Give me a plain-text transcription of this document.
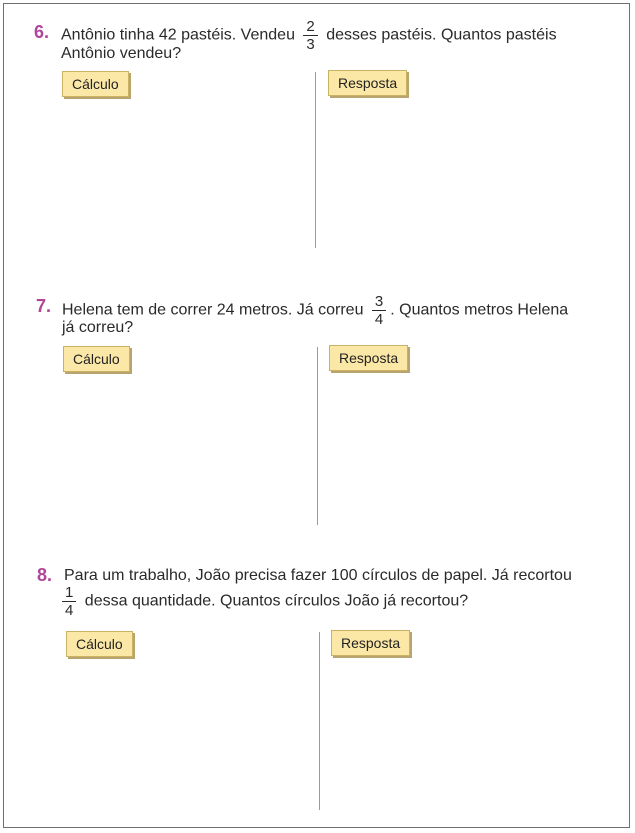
6. Antônio tinha 42 pastéis. Vendeu $\frac{2}{3}$ desses pastéis. Quantos pastéis
Antônio vendeu?
Cálculo	Resposta
7. Helena tem de correr 24 metros. Já correu $\frac{3}{4}$ . Quantos metros Helena
já correu?
Cálculo	Resposta
8. Para um trabalho, João precisa fazer 100 círculos de papel. Já recortou
$\frac{1}{4}$ dessa quantidade. Quantos círculos João já recortou?
Cálculo	Resposta
